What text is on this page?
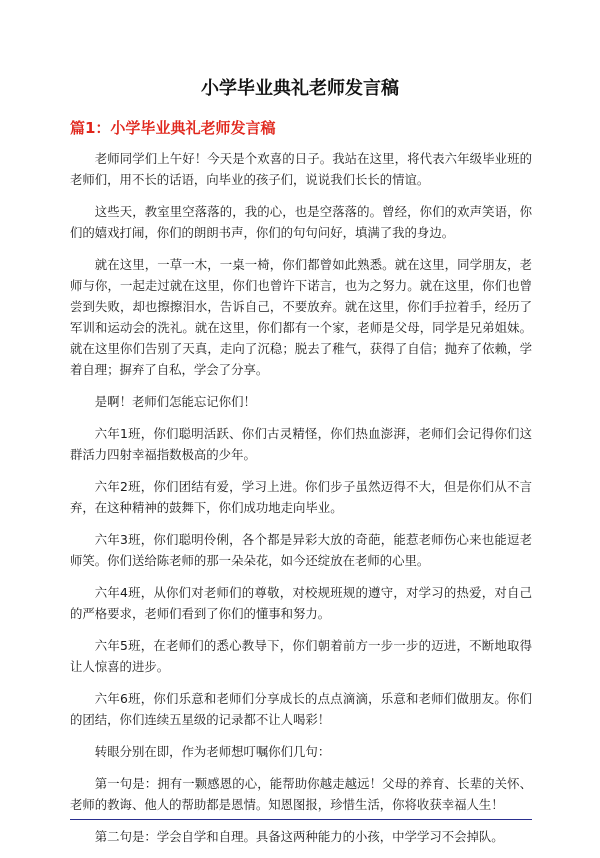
小学毕业典礼老师发言稿
篇1：小学毕业典礼老师发言稿

老师同学们上午好！今天是个欢喜的日子。我站在这里，将代表六年级毕业班的老师们，用不长的话语，向毕业的孩子们，说说我们长长的情谊。

这些天，教室里空落落的，我的心，也是空落落的。曾经，你们的欢声笑语，你们的嬉戏打闹，你们的朗朗书声，你们的句句问好，填满了我的身边。

就在这里，一草一木，一桌一椅，你们都曾如此熟悉。就在这里，同学朋友，老师与你，一起走过就在这里，你们也曾许下诺言，也为之努力。就在这里，你们也曾尝到失败，却也擦擦泪水，告诉自己，不要放弃。就在这里，你们手拉着手，经历了军训和运动会的洗礼。就在这里，你们都有一个家，老师是父母，同学是兄弟姐妹。就在这里你们告别了天真，走向了沉稳；脱去了稚气，获得了自信；抛弃了依赖，学着自理；摒弃了自私，学会了分享。

是啊！老师们怎能忘记你们！

六年1班，你们聪明活跃、你们古灵精怪，你们热血澎湃，老师们会记得你们这群活力四射幸福指数极高的少年。

六年2班，你们团结有爱，学习上进。你们步子虽然迈得不大，但是你们从不言弃，在这种精神的鼓舞下，你们成功地走向毕业。

六年3班，你们聪明伶俐，各个都是异彩大放的奇葩，能惹老师伤心来也能逗老师笑。你们送给陈老师的那一朵朵花，如今还绽放在老师的心里。

六年4班，从你们对老师们的尊敬，对校规班规的遵守，对学习的热爱，对自己的严格要求，老师们看到了你们的懂事和努力。

六年5班，在老师们的悉心教导下，你们朝着前方一步一步的迈进，不断地取得让人惊喜的进步。

六年6班，你们乐意和老师们分享成长的点点滴滴，乐意和老师们做朋友。你们的团结，你们连续五星级的记录都不让人喝彩！

转眼分别在即，作为老师想叮嘱你们几句：

第一句是：拥有一颗感恩的心，能帮助你越走越远！父母的养育、长辈的关怀、老师的教诲、他人的帮助都是恩情。知恩图报，珍惜生活，你将收获幸福人生！

第二句是：学会自学和自理。具备这两种能力的小孩，中学学习不会掉队。
